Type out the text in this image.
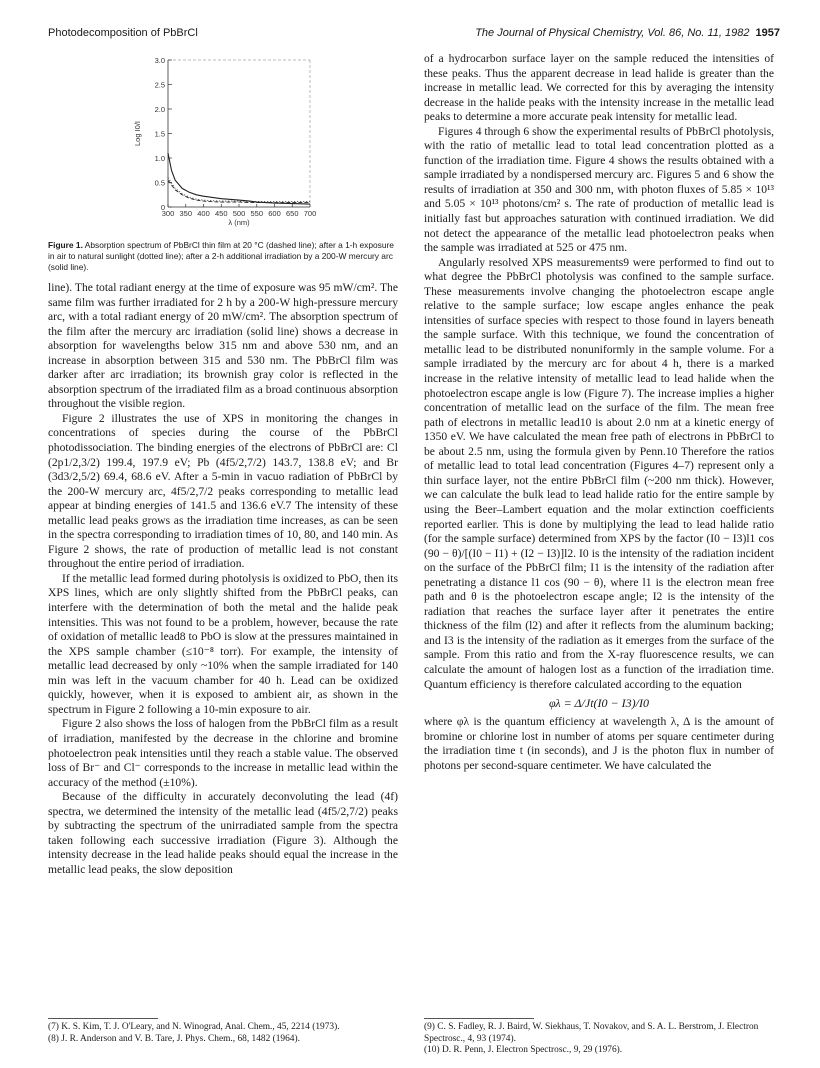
Photodecomposition of PbBrCl	The Journal of Physical Chemistry, Vol. 86, No. 11, 1982 1957
0
0.5
1.0
1.5
2.0
2.5
3.0
300 350 400 450 500 550 600 650 700
λ (nm)
Log I0/I
Figure 1. Absorption spectrum of PbBrCl thin film at 20 °C (dashed line); after a 1-h exposure in air to natural sunlight (dotted line); after a 2-h additional irradiation by a 200-W mercury arc (solid line).

line). The total radiant energy at the time of exposure was 95 mW/cm². The same film was further irradiated for 2 h by a 200-W high-pressure mercury arc, with a total radiant energy of 20 mW/cm². The absorption spectrum of the film after the mercury arc irradiation (solid line) shows a decrease in absorption for wavelengths below 315 nm and above 530 nm, and an increase in absorption between 315 and 530 nm. The PbBrCl film was darker after arc irradiation; its brownish gray color is reflected in the absorption spectrum of the irradiated film as a broad continuous absorption throughout the visible region.

Figure 2 illustrates the use of XPS in monitoring the changes in concentrations of species during the course of the PbBrCl photodissociation. The binding energies of the electrons of PbBrCl are: Cl (2p1/2,3/2) 199.4, 197.9 eV; Pb (4f5/2,7/2) 143.7, 138.8 eV; and Br (3d3/2,5/2) 69.4, 68.6 eV. After a 5-min in vacuo radiation of PbBrCl by the 200-W mercury arc, 4f5/2,7/2 peaks corresponding to metallic lead appear at binding energies of 141.5 and 136.6 eV.7 The intensity of these metallic lead peaks grows as the irradiation time increases, as can be seen in the spectra corresponding to irradiation times of 10, 80, and 140 min. As Figure 2 shows, the rate of production of metallic lead is not constant throughout the entire period of irradiation.

If the metallic lead formed during photolysis is oxidized to PbO, then its XPS lines, which are only slightly shifted from the PbBrCl peaks, can interfere with the determination of both the metal and the halide peak intensities. This was not found to be a problem, however, because the rate of oxidation of metallic lead8 to PbO is slow at the pressures maintained in the XPS sample chamber (≤10⁻⁸ torr). For example, the intensity of metallic lead decreased by only ~10% when the sample irradiated for 140 min was left in the vacuum chamber for 40 h. Lead can be oxidized quickly, however, when it is exposed to ambient air, as shown in the spectrum in Figure 2 following a 10-min exposure to air.

Figure 2 also shows the loss of halogen from the PbBrCl film as a result of irradiation, manifested by the decrease in the chlorine and bromine photoelectron peak intensities until they reach a stable value. The observed loss of Br⁻ and Cl⁻ corresponds to the increase in metallic lead within the accuracy of the method (±10%).

Because of the difficulty in accurately deconvoluting the lead (4f) spectra, we determined the intensity of the metallic lead (4f5/2,7/2) peaks by subtracting the spectrum of the unirradiated sample from the spectra taken following each successive irradiation (Figure 3). Although the intensity decrease in the lead halide peaks should equal the increase in the metallic lead peaks, the slow deposition

of a hydrocarbon surface layer on the sample reduced the intensities of these peaks. Thus the apparent decrease in lead halide is greater than the increase in metallic lead. We corrected for this by averaging the intensity decrease in the halide peaks with the intensity increase in the metallic lead peaks to determine a more accurate peak intensity for metallic lead.

Figures 4 through 6 show the experimental results of PbBrCl photolysis, with the ratio of metallic lead to total lead concentration plotted as a function of the irradiation time. Figure 4 shows the results obtained with a sample irradiated by a nondispersed mercury arc. Figures 5 and 6 show the results of irradiation at 350 and 300 nm, with photon fluxes of 5.85 × 10¹³ and 5.05 × 10¹³ photons/cm² s. The rate of production of metallic lead is initially fast but approaches saturation with continued irradiation. We did not detect the appearance of the metallic lead photoelectron peaks when the sample was irradiated at 525 or 475 nm.

Angularly resolved XPS measurements9 were performed to find out to what degree the PbBrCl photolysis was confined to the sample surface. These measurements involve changing the photoelectron escape angle relative to the sample surface; low escape angles enhance the peak intensities of surface species with respect to those found in layers beneath the sample surface. With this technique, we found the concentration of metallic lead to be distributed nonuniformly in the sample volume. For a sample irradiated by the mercury arc for about 4 h, there is a marked increase in the relative intensity of metallic lead to lead halide when the photoelectron escape angle is low (Figure 7). The increase implies a higher concentration of metallic lead on the surface of the film. The mean free path of electrons in metallic lead10 is about 2.0 nm at a kinetic energy of 1350 eV. We have calculated the mean free path of electrons in PbBrCl to be about 2.5 nm, using the formula given by Penn.10 Therefore the ratios of metallic lead to total lead concentration (Figures 4–7) represent only a thin surface layer, not the entire PbBrCl film (~200 nm thick). However, we can calculate the bulk lead to lead halide ratio for the entire sample by using the Beer–Lambert equation and the molar extinction coefficients reported earlier. This is done by multiplying the lead to lead halide ratio (for the sample surface) determined from XPS by the factor (I0 − I3)l1 cos (90 − θ)/[(I0 − I1) + (I2 − I3)]l2. I0 is the intensity of the radiation incident on the surface of the PbBrCl film; I1 is the intensity of the radiation after penetrating a distance l1 cos (90 − θ), where l1 is the electron mean free path and θ is the photoelectron escape angle; I2 is the intensity of the radiation that reaches the surface layer after it penetrates the entire thickness of the film (l2) and after it reflects from the aluminum backing; and I3 is the intensity of the radiation as it emerges from the surface of the sample. From this ratio and from the X-ray fluorescence results, we can calculate the amount of halogen lost as a function of the irradiation time. Quantum efficiency is therefore calculated according to the equation

φλ = Δ/Jt(I0 − I3)/I0

where φλ is the quantum efficiency at wavelength λ, Δ is the amount of bromine or chlorine lost in number of atoms per square centimeter during the irradiation time t (in seconds), and J is the photon flux in number of photons per second-square centimeter. We have calculated the

(7) K. S. Kim, T. J. O'Leary, and N. Winograd, Anal. Chem., 45, 2214 (1973).

(8) J. R. Anderson and V. B. Tare, J. Phys. Chem., 68, 1482 (1964).

(9) C. S. Fadley, R. J. Baird, W. Siekhaus, T. Novakov, and S. A. L. Berstrom, J. Electron Spectrosc., 4, 93 (1974).

(10) D. R. Penn, J. Electron Spectrosc., 9, 29 (1976).
